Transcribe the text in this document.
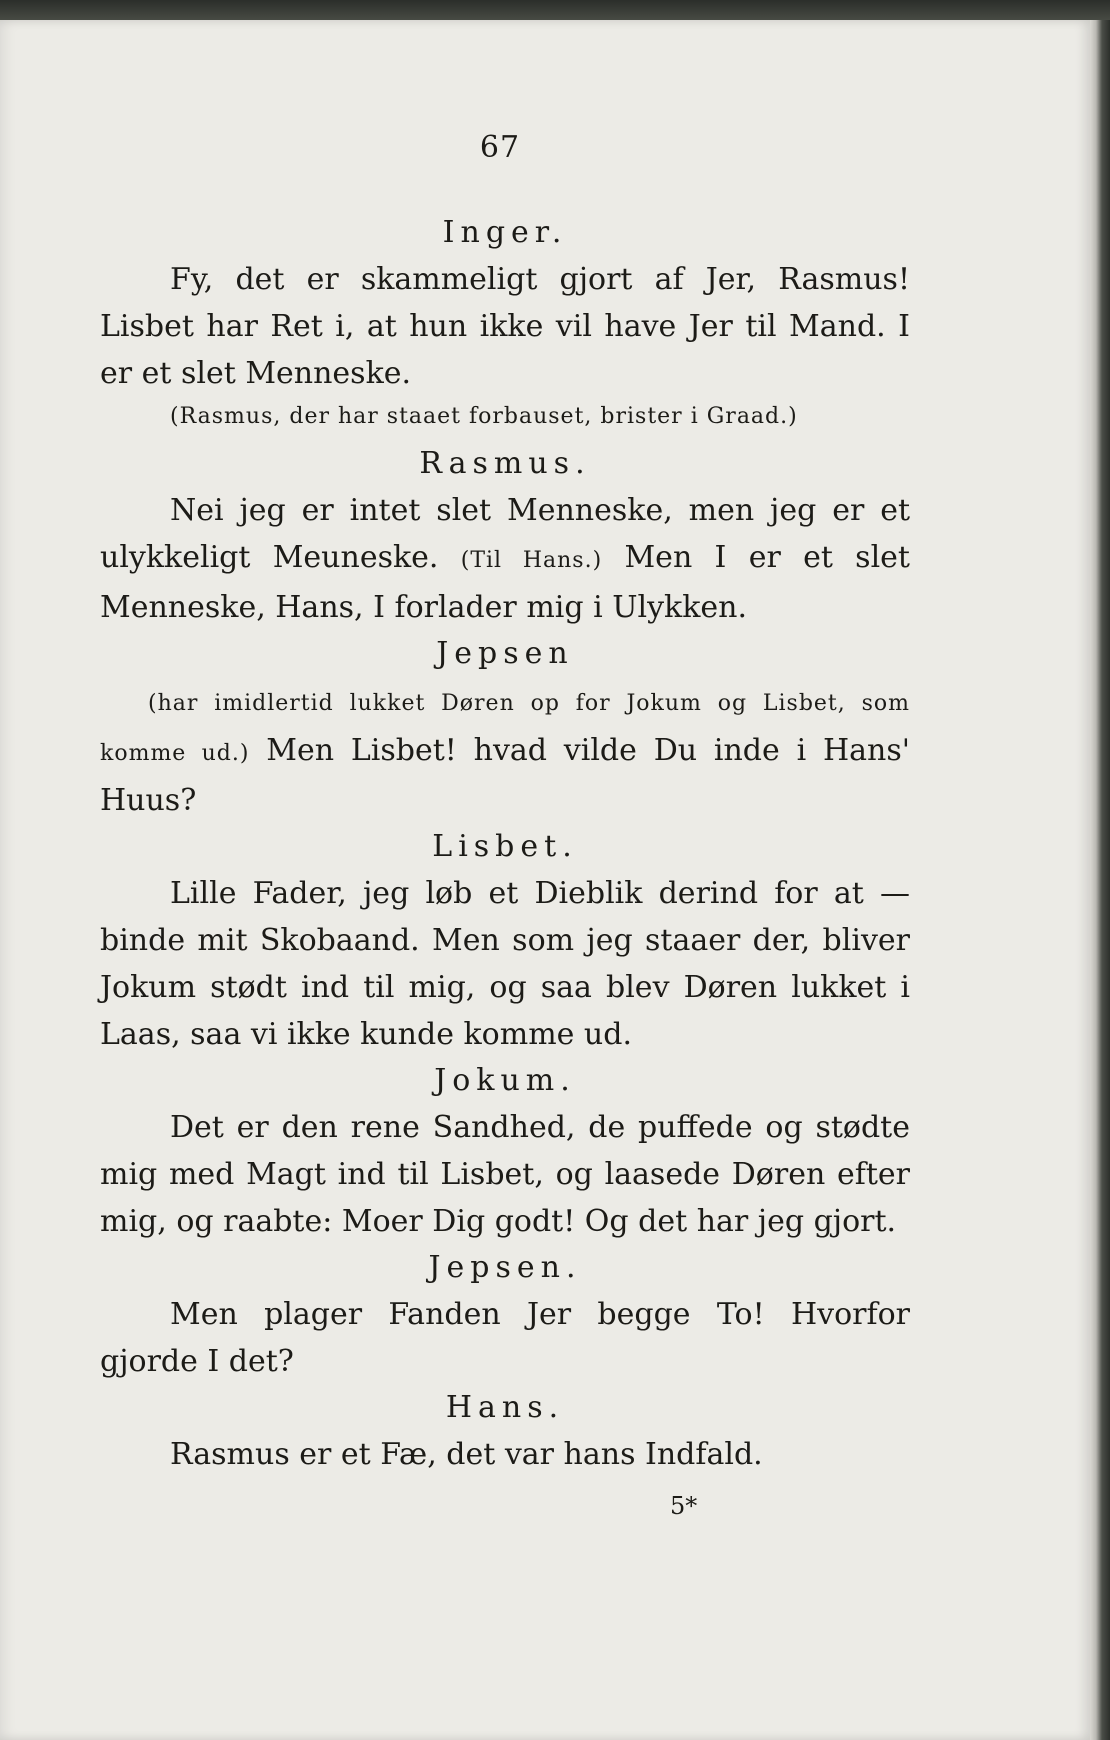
67

Inger.

Fy, det er skammeligt gjort af Jer, Rasmus! Lisbet har Ret i, at hun ikke vil have Jer til Mand. I er et slet Menneske.

(Rasmus, der har staaet forbauset, brister i Graad.)

Rasmus.

Nei jeg er intet slet Menneske, men jeg er et ulykkeligt Meuneske. (Til Hans.) Men I er et slet Menneske, Hans, I forlader mig i Ulykken.

Jepsen

(har imidlertid lukket Døren op for Jokum og Lisbet, som komme ud.) Men Lisbet! hvad vilde Du inde i Hans' Huus?

Lisbet.

Lille Fader, jeg løb et Dieblik derind for at — binde mit Skobaand. Men som jeg staaer der, bliver Jokum stødt ind til mig, og saa blev Døren lukket i Laas, saa vi ikke kunde komme ud.

Jokum.

Det er den rene Sandhed, de puffede og stødte mig med Magt ind til Lisbet, og laasede Døren efter mig, og raabte: Moer Dig godt! Og det har jeg gjort.

Jepsen.

Men plager Fanden Jer begge To! Hvorfor gjorde I det?

Hans.

Rasmus er et Fæ, det var hans Indfald.

5*
